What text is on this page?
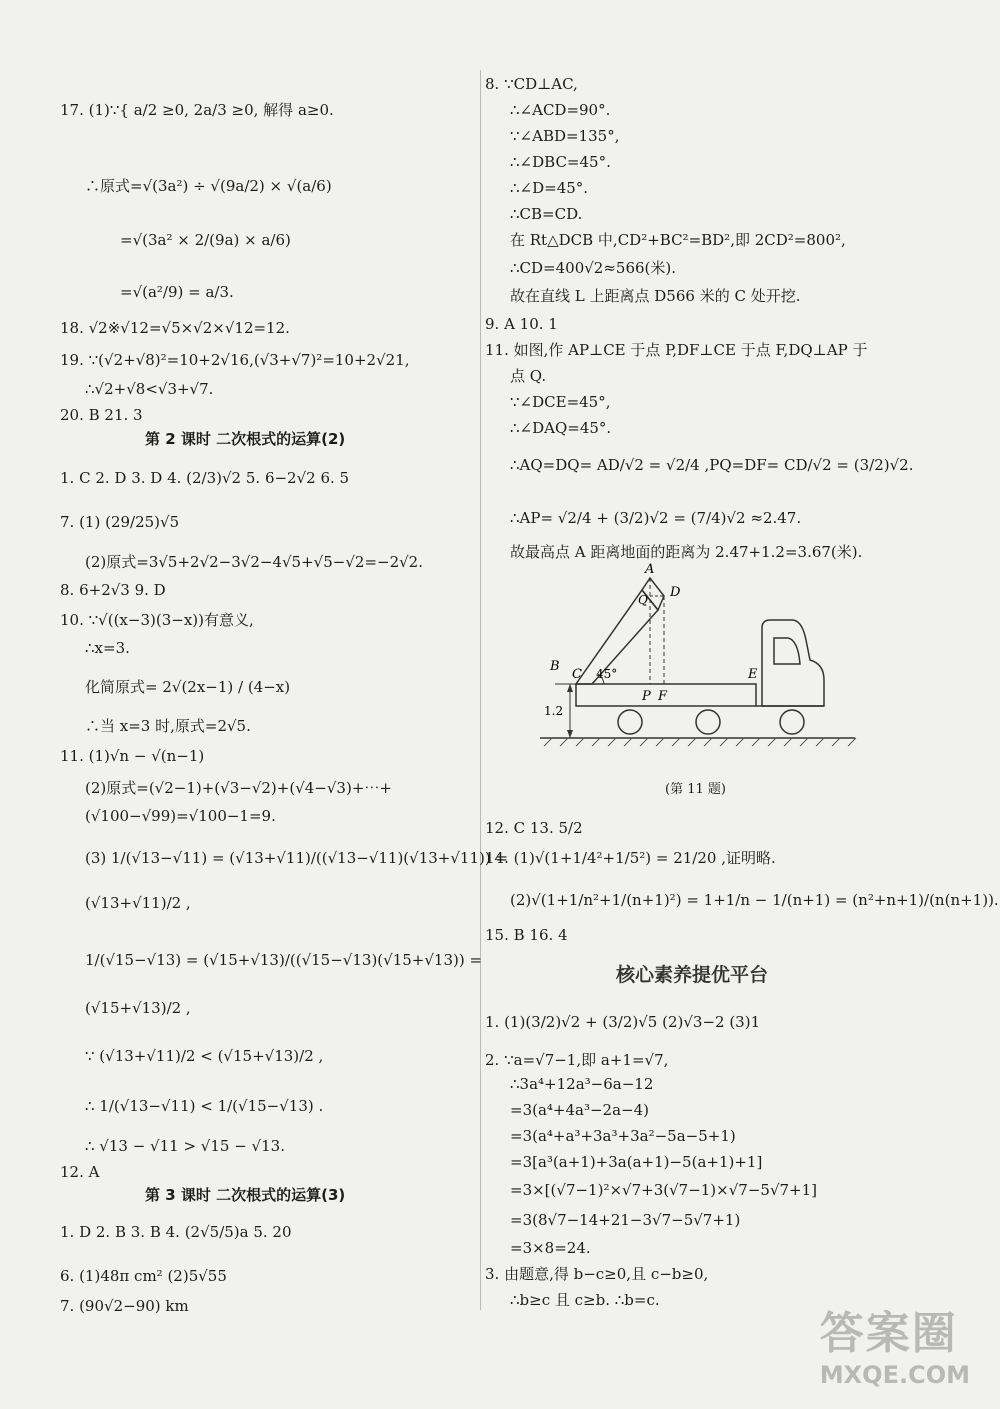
17. (1)∵{ a/2 ≥0, 2a/3 ≥0, 解得 a≥0.
∴原式=√(3a²) ÷ √(9a/2) × √(a/6)
=√(3a² × 2/(9a) × a/6)
=√(a²/9) = a/3.
18. √2※√12=√5×√2×√12=12.
19. ∵(√2+√8)²=10+2√16,(√3+√7)²=10+2√21,
∴√2+√8<√3+√7.
20. B 21. 3
1. C 2. D 3. D 4. (2/3)√2 5. 6−2√2 6. 5
7. (1) (29/25)√5
(2)原式=3√5+2√2−3√2−4√5+√5−√2=−2√2.
8. 6+2√3 9. D
10. ∵√((x−3)(3−x))有意义,
∴x=3.
化简原式= 2√(2x−1) / (4−x)
∴当 x=3 时,原式=2√5.
11. (1)√n − √(n−1)
(2)原式=(√2−1)+(√3−√2)+(√4−√3)+⋯+
(√100−√99)=√100−1=9.
(3) 1/(√13−√11) = (√13+√11)/((√13−√11)(√13+√11)) =
(√13+√11)/2 ,
1/(√15−√13) = (√15+√13)/((√15−√13)(√15+√13)) =
(√15+√13)/2 ,
∵ (√13+√11)/2 < (√15+√13)/2 ,
∴ 1/(√13−√11) < 1/(√15−√13) .
∴ √13 − √11 > √15 − √13.
12. A
1. D 2. B 3. B 4. (2√5/5)a 5. 20
6. (1)48π cm² (2)5√55
7. (90√2−90) km
第 2 课时 二次根式的运算(2)
第 3 课时 二次根式的运算(3)
8. ∵CD⊥AC,
∴∠ACD=90°.
∵∠ABD=135°,
∴∠DBC=45°.
∴∠D=45°.
∴CB=CD.
在 Rt△DCB 中,CD²+BC²=BD²,即 2CD²=800²,
∴CD=400√2≈566(米).
故在直线 L 上距离点 D566 米的 C 处开挖.
9. A 10. 1
11. 如图,作 AP⊥CE 于点 P,DF⊥CE 于点 F,DQ⊥AP 于
点 Q.
∵∠DCE=45°,
∴∠DAQ=45°.
∴AQ=DQ= AD/√2 = √2/4 ,PQ=DF= CD/√2 = (3/2)√2.
∴AP= √2/4 + (3/2)√2 = (7/4)√2 ≈2.47.
故最高点 A 距离地面的距离为 2.47+1.2=3.67(米).
12. C 13. 5/2
14. (1)√(1+1/4²+1/5²) = 21/20 ,证明略.
(2)√(1+1/n²+1/(n+1)²) = 1+1/n − 1/(n+1) = (n²+n+1)/(n(n+1)).
15. B 16. 4
1. (1)(3/2)√2 + (3/2)√5 (2)√3−2 (3)1
2. ∵a=√7−1,即 a+1=√7,
∴3a⁴+12a³−6a−12
=3(a⁴+4a³−2a−4)
=3(a⁴+a³+3a³+3a²−5a−5+1)
=3[a³(a+1)+3a(a+1)−5(a+1)+1]
=3×[(√7−1)²×√7+3(√7−1)×√7−5√7+1]
=3(8√7−14+21−3√7−5√7+1)
=3×8=24.
3. 由题意,得 b−c≥0,且 c−b≥0,
∴b≥c 且 c≥b. ∴b=c.
核心素养提优平台
A
D
Q
B
C	E
P F
45°
1.2
(第 11 题)
答案圈
MXQE.COM
